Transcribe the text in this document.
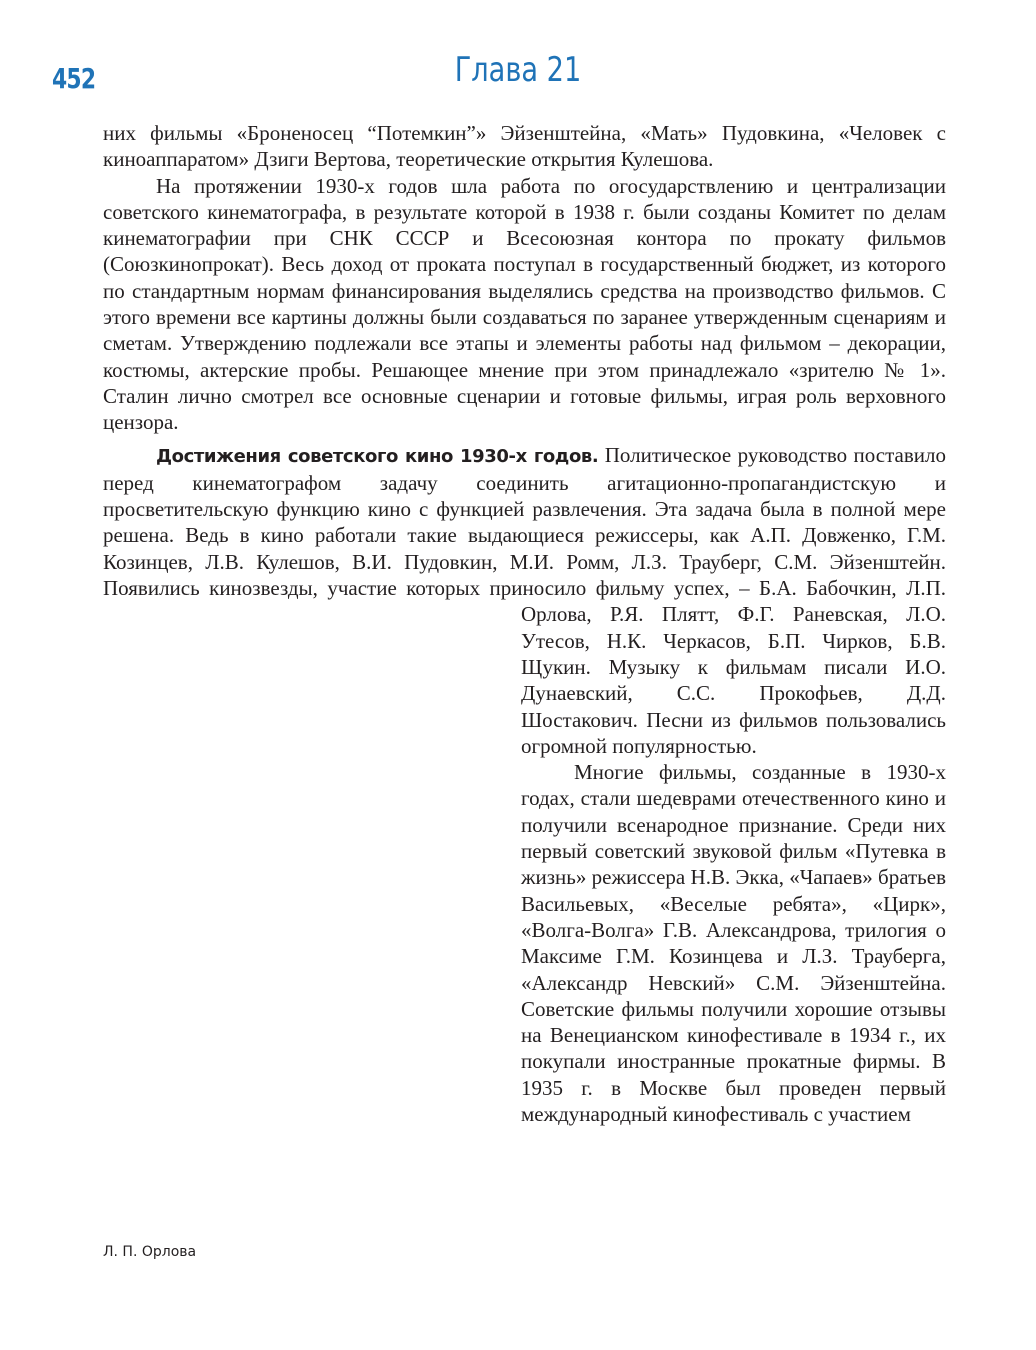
452	Глава 21

них фильмы «Броненосец “Потемкин”» Эйзенштейна, «Мать» Пудовкина, «Человек с киноаппаратом» Дзиги Вертова, теоретические открытия Кулешова.

На протяжении 1930-х годов шла работа по огосударствлению и централизации советского кинематографа, в результате которой в 1938 г. были созданы Комитет по делам кинематографии при СНК СССР и Всесоюзная контора по прокату фильмов (Союзкинопрокат). Весь доход от проката поступал в государственный бюджет, из которого по стандартным нормам финансирования выделялись средства на производство фильмов. С этого времени все картины должны были создаваться по заранее утвержденным сценариям и сметам. Утверждению подлежали все этапы и элементы работы над фильмом – декорации, костюмы, актерские пробы. Решающее мнение при этом принадлежало «зрителю № 1». Сталин лично смотрел все основные сценарии и готовые фильмы, играя роль верховного цензора.

Достижения советского кино 1930-х годов. Политическое руководство поставило перед кинематографом задачу соединить агитационно-пропагандистскую и просветительскую функцию кино с функцией развлечения. Эта задача была в полной мере решена. Ведь в кино работали такие выдающиеся режиссеры, как А.П. Довженко, Г.М. Козинцев, Л.В. Кулешов, В.И. Пудовкин, М.И. Ромм, Л.З. Трауберг, С.М. Эйзенштейн. Появились кинозвезды, участие которых приносило фильму
успех, – Б.А. Бабочкин, Л.П. Орлова, Р.Я. Плятт, Ф.Г. Раневская, Л.О. Утесов, Н.К. Черкасов, Б.П. Чирков, Б.В. Щукин. Музыку к фильмам писали И.О. Дунаевский, С.С. Прокофьев, Д.Д. Шостакович. Песни из фильмов пользовались огромной популярностью.

Многие фильмы, созданные в 1930-х годах, стали шедеврами отечественного кино и получили всенародное признание. Среди них первый советский звуковой фильм «Путевка в жизнь» режиссера Н.В. Экка, «Чапаев» братьев Васильевых, «Веселые ребята», «Цирк», «Волга-Волга» Г.В. Александрова, трилогия о Максиме Г.М. Козинцева и Л.З. Трауберга, «Александр Невский» С.М. Эйзенштейна. Советские фильмы получили хорошие отзывы на Венецианском кинофестивале в 1934 г., их покупали иностранные прокатные фирмы. В 1935 г. в Москве был проведен первый международный кинофестиваль с участием

Л. П. Орлова
